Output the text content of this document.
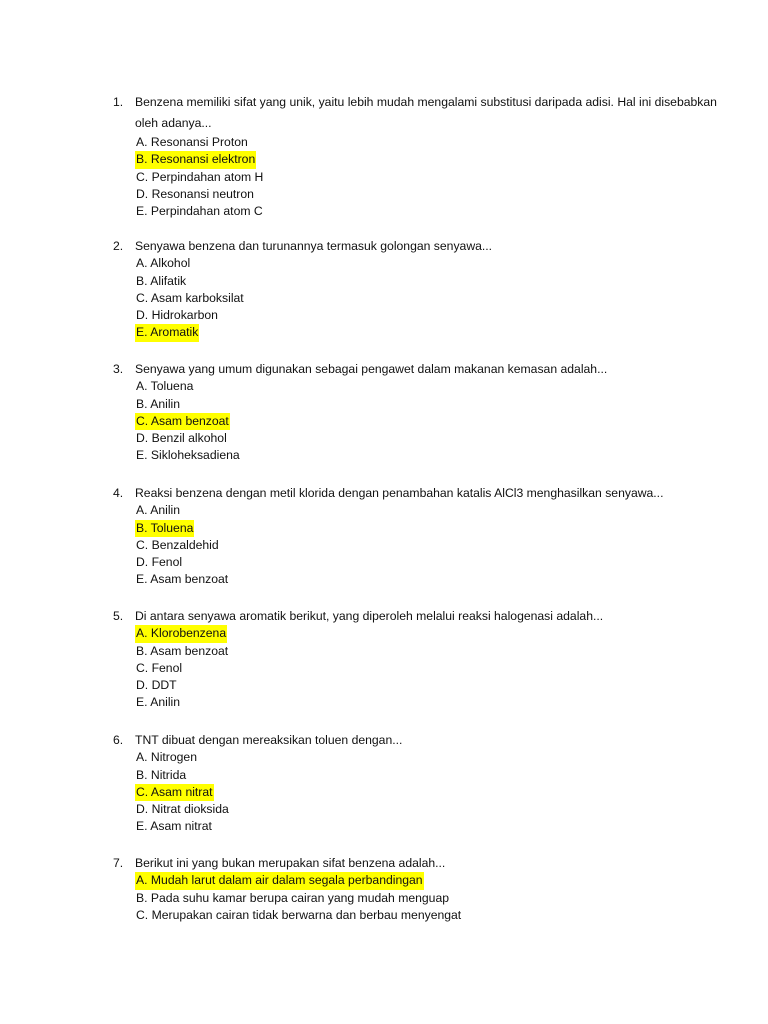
1. Benzena memiliki sifat yang unik, yaitu lebih mudah mengalami substitusi daripada adisi. Hal ini disebabkan oleh adanya...
A. Resonansi Proton
B. Resonansi elektron
C. Perpindahan atom H
D. Resonansi neutron
E. Perpindahan atom C
2. Senyawa benzena dan turunannya termasuk golongan senyawa...
A. Alkohol
B. Alifatik
C. Asam karboksilat
D. Hidrokarbon
E. Aromatik
3. Senyawa yang umum digunakan sebagai pengawet dalam makanan kemasan adalah...
A. Toluena
B. Anilin
C. Asam benzoat
D. Benzil alkohol
E. Sikloheksadiena
4. Reaksi benzena dengan metil klorida dengan penambahan katalis AlCl3 menghasilkan senyawa...
A. Anilin
B. Toluena
C. Benzaldehid
D. Fenol
E. Asam benzoat
5. Di antara senyawa aromatik berikut, yang diperoleh melalui reaksi halogenasi adalah...
A. Klorobenzena
B. Asam benzoat
C. Fenol
D. DDT
E. Anilin
6. TNT dibuat dengan mereaksikan toluen dengan...
A. Nitrogen
B. Nitrida
C. Asam nitrat
D. Nitrat dioksida
E. Asam nitrat
7. Berikut ini yang bukan merupakan sifat benzena adalah...
A. Mudah larut dalam air dalam segala perbandingan
B. Pada suhu kamar berupa cairan yang mudah menguap
C. Merupakan cairan tidak berwarna dan berbau menyengat
